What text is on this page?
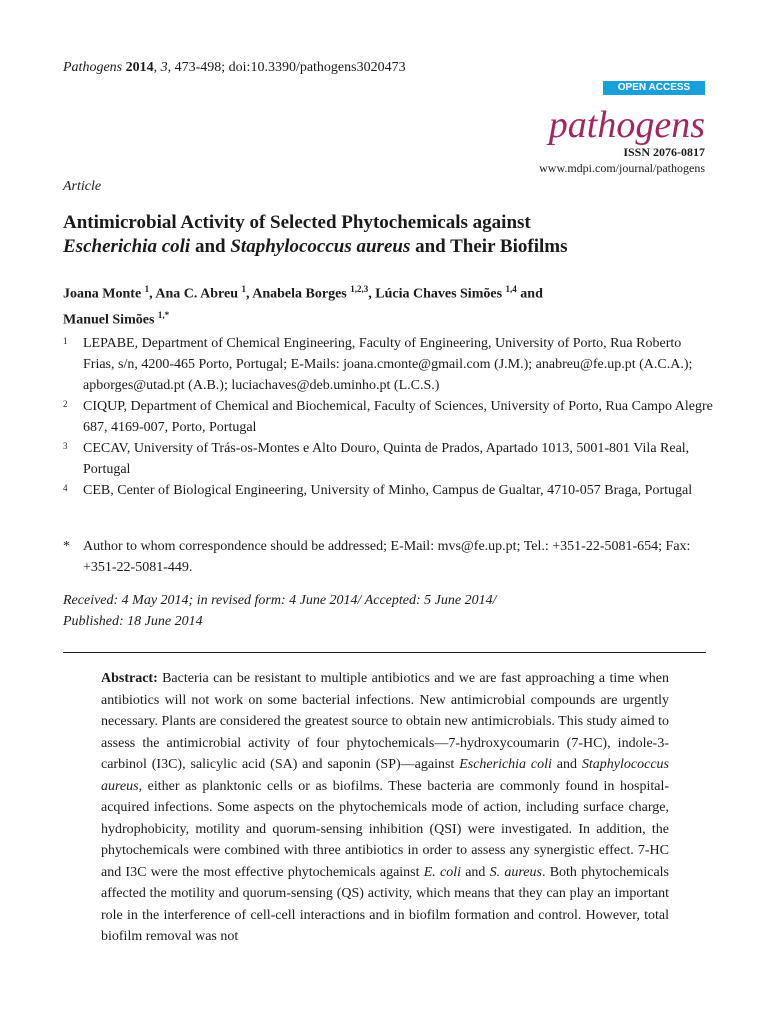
Pathogens 2014, 3, 473-498; doi:10.3390/pathogens3020473
OPEN ACCESS
pathogens
ISSN 2076-0817
www.mdpi.com/journal/pathogens
Article
Antimicrobial Activity of Selected Phytochemicals against
Escherichia coli and Staphylococcus aureus and Their Biofilms
Joana Monte $^1$, Ana C. Abreu $^1$, Anabela Borges $^{1,2,3}$, Lúcia Chaves Simões $^{1,4}$ and
Manuel Simões $^{1,*}$
1 LEPABE, Department of Chemical Engineering, Faculty of Engineering, University of Porto, Rua Roberto Frias, s/n, 4200-465 Porto, Portugal; E-Mails: joana.cmonte@gmail.com (J.M.); anabreu@fe.up.pt (A.C.A.); apborges@utad.pt (A.B.); luciachaves@deb.uminho.pt (L.C.S.)
2 CIQUP, Department of Chemical and Biochemical, Faculty of Sciences, University of Porto, Rua Campo Alegre 687, 4169-007, Porto, Portugal
3 CECAV, University of Trás-os-Montes e Alto Douro, Quinta de Prados, Apartado 1013, 5001-801 Vila Real, Portugal
4 CEB, Center of Biological Engineering, University of Minho, Campus de Gualtar, 4710-057 Braga, Portugal
* Author to whom correspondence should be addressed; E-Mail: mvs@fe.up.pt; Tel.: +351-22-5081-654; Fax: +351-22-5081-449.
Received: 4 May 2014; in revised form: 4 June 2014/ Accepted: 5 June 2014/
Published: 18 June 2014
Abstract: Bacteria can be resistant to multiple antibiotics and we are fast approaching a time when antibiotics will not work on some bacterial infections. New antimicrobial compounds are urgently necessary. Plants are considered the greatest source to obtain new antimicrobials. This study aimed to assess the antimicrobial activity of four phytochemicals—7-hydroxycoumarin (7-HC), indole-3-carbinol (I3C), salicylic acid (SA) and saponin (SP)—against Escherichia coli and Staphylococcus aureus, either as planktonic cells or as biofilms. These bacteria are commonly found in hospital-acquired infections. Some aspects on the phytochemicals mode of action, including surface charge, hydrophobicity, motility and quorum-sensing inhibition (QSI) were investigated. In addition, the phytochemicals were combined with three antibiotics in order to assess any synergistic effect. 7-HC and I3C were the most effective phytochemicals against E. coli and S. aureus. Both phytochemicals affected the motility and quorum-sensing (QS) activity, which means that they can play an important role in the interference of cell-cell interactions and in biofilm formation and control. However, total biofilm removal was not
